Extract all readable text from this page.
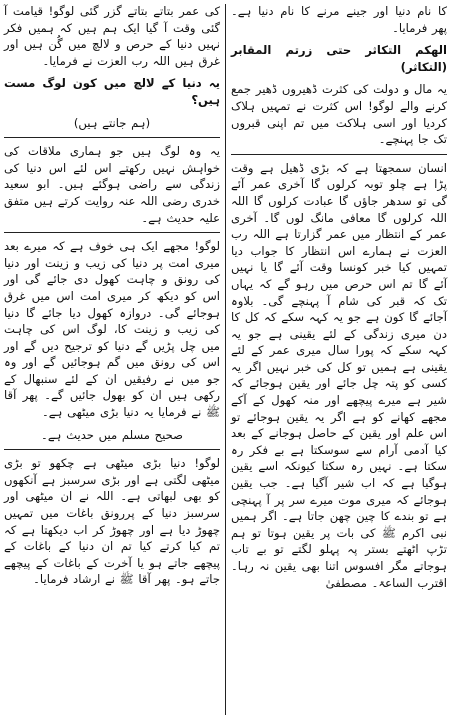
کا نام دنیا اور جینے مرنے کا نام دنیا ہے۔ پھر فرمایا۔

الھکم التکاثر حتی زرتم المقابر (التکاثر)

یہ مال و دولت کی کثرت ڈھیروں ڈھیر جمع کرنے والے لوگو! اس کثرت نے تمہیں ہلاک کردیا اور اسی ہلاکت میں تم اپنی قبروں تک جا پہنچے۔

انسان سمجھتا ہے کہ بڑی ڈھیل ہے وقت پڑا ہے چلو توبہ کرلوں گا آخری عمر آئے گی تو سدھر جاؤں گا عبادت کرلوں گا اللہ اللہ کرلوں گا معافی مانگ لوں گا۔ آخری عمر کے انتظار میں عمر گزارتا ہے اللہ رب العزت نے ہمارے اس انتظار کا جواب دیا تمہیں کیا خبر کونسا وقت آئے گا یا نہیں آئے گا تم اس حرص میں رہو گے کہ یہاں تک کہ قبر کی شام آ پہنچے گی۔ بلاوہ آجائے گا کون ہے جو یہ کہہ سکے کہ کل کا دن میری زندگی کے لئے یقینی ہے جو یہ کہہ سکے کہ پورا سال میری عمر کے لئے یقینی ہے ہمیں تو کل کی خبر نہیں اگر یہ کسی کو پتہ چل جائے اور یقین ہوجائے کہ شیر ہے میرے پیچھے اور منہ کھول کے آکے مجھے کھانے کو ہے اگر یہ یقین ہوجائے تو اس علم اور یقین کے حاصل ہوجانے کے بعد کیا آدمی آرام سے سوسکتا ہے بے فکر رہ سکتا ہے۔ نہیں رہ سکتا کیونکہ اسے یقین ہوگیا ہے کہ اب شیر آگیا ہے۔ جب یقین ہوجائے کہ میری موت میرے سر پر آ پہنچی ہے تو بندے کا چین چھن جاتا ہے۔ اگر ہمیں نبی اکرم ﷺ کی بات پر یقین ہوتا تو ہم تڑپ اٹھتے بستر پہ پہلو لگتے تو بے تاب ہوجاتے مگر افسوس اتنا بھی یقین نہ رہا۔ اقترب الساعۃ۔ مصطفیٰ

کی عمر بتاتے بتاتے گزر گئی لوگو! قیامت آ گئی وقت آ گیا ایک ہم ہیں کہ ہمیں فکر نہیں دنیا کے حرص و لالچ میں گُن ہیں اور غرق ہیں اللہ رب العزت نے فرمایا۔

یہ دنیا کے لالچ میں کون لوگ مست ہیں؟

(ہم جانتے ہیں)

یہ وہ لوگ ہیں جو ہماری ملاقات کی خواہش نہیں رکھتے اس لئے اس دنیا کی زندگی سے راضی ہوگئے ہیں۔ ابو سعید خدری رضی اللہ عنہ روایت کرتے ہیں متفق علیہ حدیث ہے۔

لوگو! مجھے ایک ہی خوف ہے کہ میرے بعد میری امت پر دنیا کی زیب و زینت اور دنیا کی رونق و چاہت کھول دی جائے گی اور اس کو دیکھ کر میری امت اس میں غرق ہوجائے گی۔ دروازہ کھول دیا جائے گا دنیا کی زیب و زینت کا، لوگ اس کی چاہت میں چل پڑیں گے دنیا کو ترجیح دیں گے اور اس کی رونق میں گم ہوجائیں گے اور وہ جو میں نے رفیقیں ان کے لئے سنبھال کے رکھی ہیں ان کو بھول جائیں گے۔ پھر آقا ﷺ نے فرمایا یہ دنیا بڑی میٹھی ہے۔

صحیح مسلم میں حدیث ہے۔

لوگو! دنیا بڑی میٹھی ہے چکھو تو بڑی میٹھی لگتی ہے اور بڑی سرسبز ہے آنکھوں کو بھی لبھاتی ہے۔ اللہ نے ان میٹھی اور سرسبز دنیا کے پررونق باغات میں تمہیں چھوڑ دیا ہے اور چھوڑ کر اب دیکھتا ہے کہ تم کیا کرتے کیا تم ان دنیا کے باغات کے پیچھے جاتے ہو یا آخرت کے باغات کے پیچھے جاتے ہو۔ پھر آقا ﷺ نے ارشاد فرمایا۔
